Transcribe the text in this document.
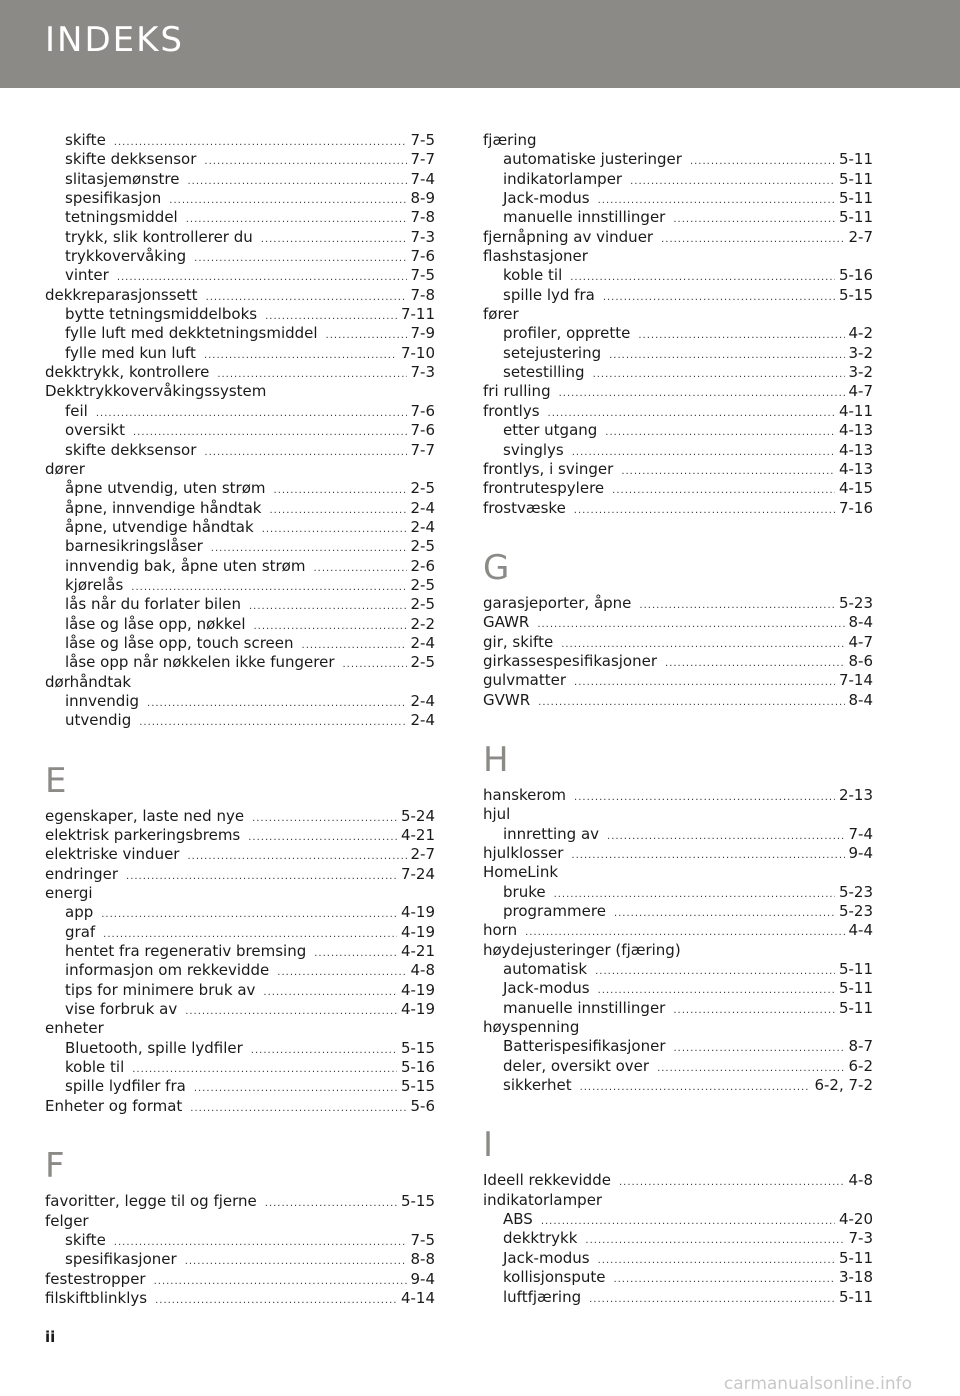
INDEKS
skifte .....	7-5
skifte dekksensor .....	7-7
slitasjemønstre .....	7-4
spesifikasjon .....	8-9
tetningsmiddel .....	7-8
trykk, slik kontrollerer du .....	7-3
trykkovervåking .....	7-6
vinter .....	7-5
dekkreparasjonssett .....	7-8
bytte tetningsmiddelboks .....	7-11
fylle luft med dekktetningsmiddel .....	7-9
fylle med kun luft .....	7-10
dekktrykk, kontrollere .....	7-3
Dekktrykkovervåkingssystem
feil .....	7-6
oversikt .....	7-6
skifte dekksensor .....	7-7
dører
åpne utvendig, uten strøm .....	2-5
åpne, innvendige håndtak .....	2-4
åpne, utvendige håndtak .....	2-4
barnesikringslåser .....	2-5
innvendig bak, åpne uten strøm .....	2-6
kjørelås .....	2-5
lås når du forlater bilen .....	2-5
låse og låse opp, nøkkel .....	2-2
låse og låse opp, touch screen .....	2-4
låse opp når nøkkelen ikke fungerer .....	2-5
dørhåndtak
innvendig .....	2-4
utvendig .....	2-4
E
egenskaper, laste ned nye .....	5-24
elektrisk parkeringsbrems .....	4-21
elektriske vinduer .....	2-7
endringer .....	7-24
energi
app .....	4-19
graf .....	4-19
hentet fra regenerativ bremsing .....	4-21
informasjon om rekkevidde .....	4-8
tips for minimere bruk av .....	4-19
vise forbruk av .....	4-19
enheter
Bluetooth, spille lydfiler .....	5-15
koble til .....	5-16
spille lydfiler fra .....	5-15
Enheter og format .....	5-6
F
favoritter, legge til og fjerne .....	5-15
felger
skifte .....	7-5
spesifikasjoner .....	8-8
festestropper .....	9-4
filskiftblinklys .....	4-14
fjæring
automatiske justeringer .....	5-11
indikatorlamper .....	5-11
Jack-modus .....	5-11
manuelle innstillinger .....	5-11
fjernåpning av vinduer .....	2-7
flashstasjoner
koble til .....	5-16
spille lyd fra .....	5-15
fører
profiler, opprette .....	4-2
setejustering .....	3-2
setestilling .....	3-2
fri rulling .....	4-7
frontlys .....	4-11
etter utgang .....	4-13
svinglys .....	4-13
frontlys, i svinger .....	4-13
frontrutespylere .....	4-15
frostvæske .....	7-16
G
garasjeporter, åpne .....	5-23
GAWR .....	8-4
gir, skifte .....	4-7
girkassespesifikasjoner .....	8-6
gulvmatter .....	7-14
GVWR .....	8-4
H
hanskerom .....	2-13
hjul
innretting av .....	7-4
hjulklosser .....	9-4
HomeLink
bruke .....	5-23
programmere .....	5-23
horn .....	4-4
høydejusteringer (fjæring)
automatisk .....	5-11
Jack-modus .....	5-11
manuelle innstillinger .....	5-11
høyspenning
Batterispesifikasjoner .....	8-7
deler, oversikt over .....	6-2
sikkerhet .....	6-2, 7-2
I
Ideell rekkevidde .....	4-8
indikatorlamper
ABS .....	4-20
dekktrykk .....	7-3
Jack-modus .....	5-11
kollisjonspute .....	3-18
luftfjæring .....	5-11
ii
carmanualsonline.info
